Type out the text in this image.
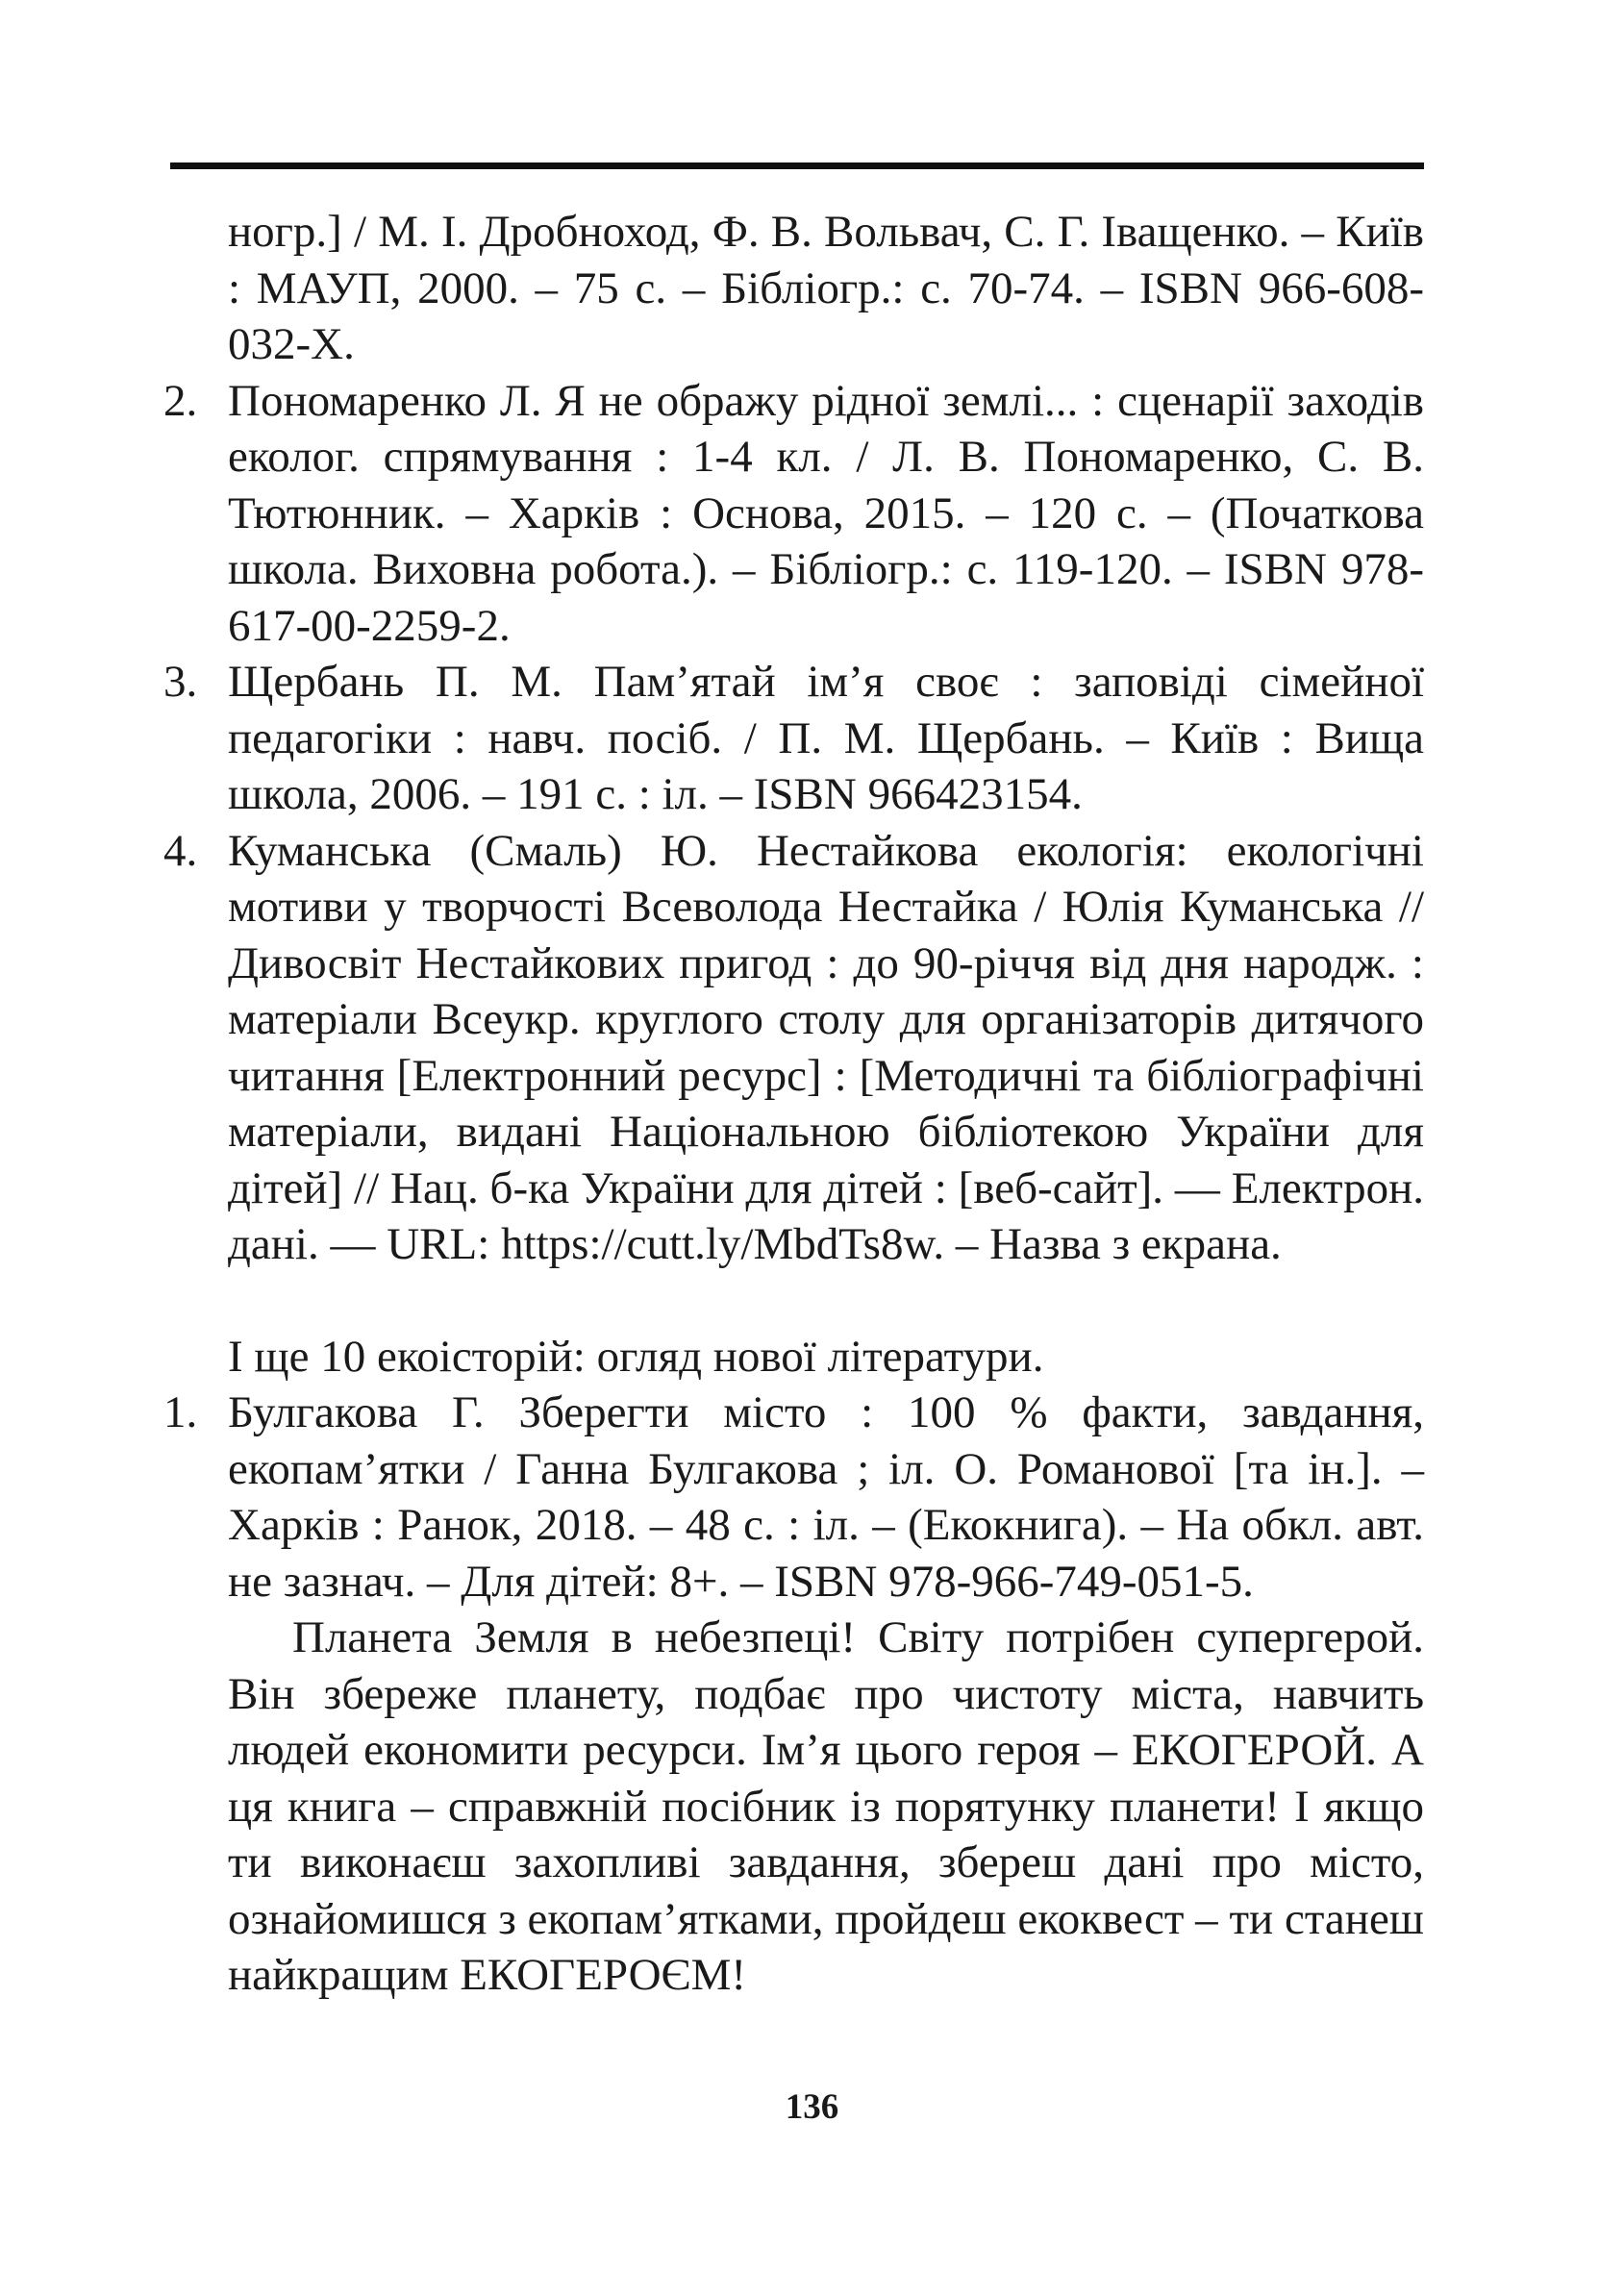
ногр.] / М. І. Дробноход, Ф. В. Вольвач, С. Г. Іващенко. – Київ : МАУП, 2000. – 75 с. – Бібліогр.: с. 70-74. – ISBN 966-608-032-X.
2. Пономаренко Л. Я не ображу рідної землі... : сценарії заходів еколог. спрямування : 1-4 кл. / Л. В. Пономаренко, С. В. Тютюнник. – Харків : Основа, 2015. – 120 с. – (Початкова школа. Виховна робота.). – Бібліогр.: с. 119-120. – ISBN 978-617-00-2259-2.
3. Щербань П. М. Пам’ятай ім’я своє : заповіді сімейної педагогіки : навч. посіб. / П. М. Щербань. – Київ : Вища школа, 2006. – 191 с. : іл. – ISBN 966423154.
4. Куманська (Смаль) Ю. Нестайкова екологія: екологічні мотиви у творчості Всеволода Нестайка / Юлія Куманська // Дивосвіт Нестайкових пригод : до 90-річчя від дня народж. : матеріали Всеукр. круглого столу для організаторів дитячого читання [Електронний ресурс] : [Методичні та бібліографічні матеріали, видані Національною бібліотекою України для дітей] // Нац. б-ка України для дітей : [веб-сайт]. — Електрон. дані. — URL: https://cutt.ly/MbdTs8w. – Назва з екрана.
І ще 10 екоісторій: огляд нової літератури.
1. Булгакова Г. Зберегти місто : 100 % факти, завдання, екопам’ятки / Ганна Булгакова ; іл. О. Романової [та ін.]. – Харків : Ранок, 2018. – 48 с. : іл. – (Екокнига). – На обкл. авт. не зазнач. – Для дітей: 8+. – ISBN 978-966-749-051-5.
Планета Земля в небезпеці! Світу потрібен супергерой. Він збереже планету, подбає про чистоту міста, навчить людей економити ресурси. Ім’я цього героя – ЕКОГЕРОЙ. А ця книга – справжній посібник із порятунку планети! І якщо ти виконаєш захопливі завдання, збереш дані про місто, ознайомишся з екопам’ятками, пройдеш екоквест – ти станеш найкращим ЕКОГЕРОЄМ!
136
